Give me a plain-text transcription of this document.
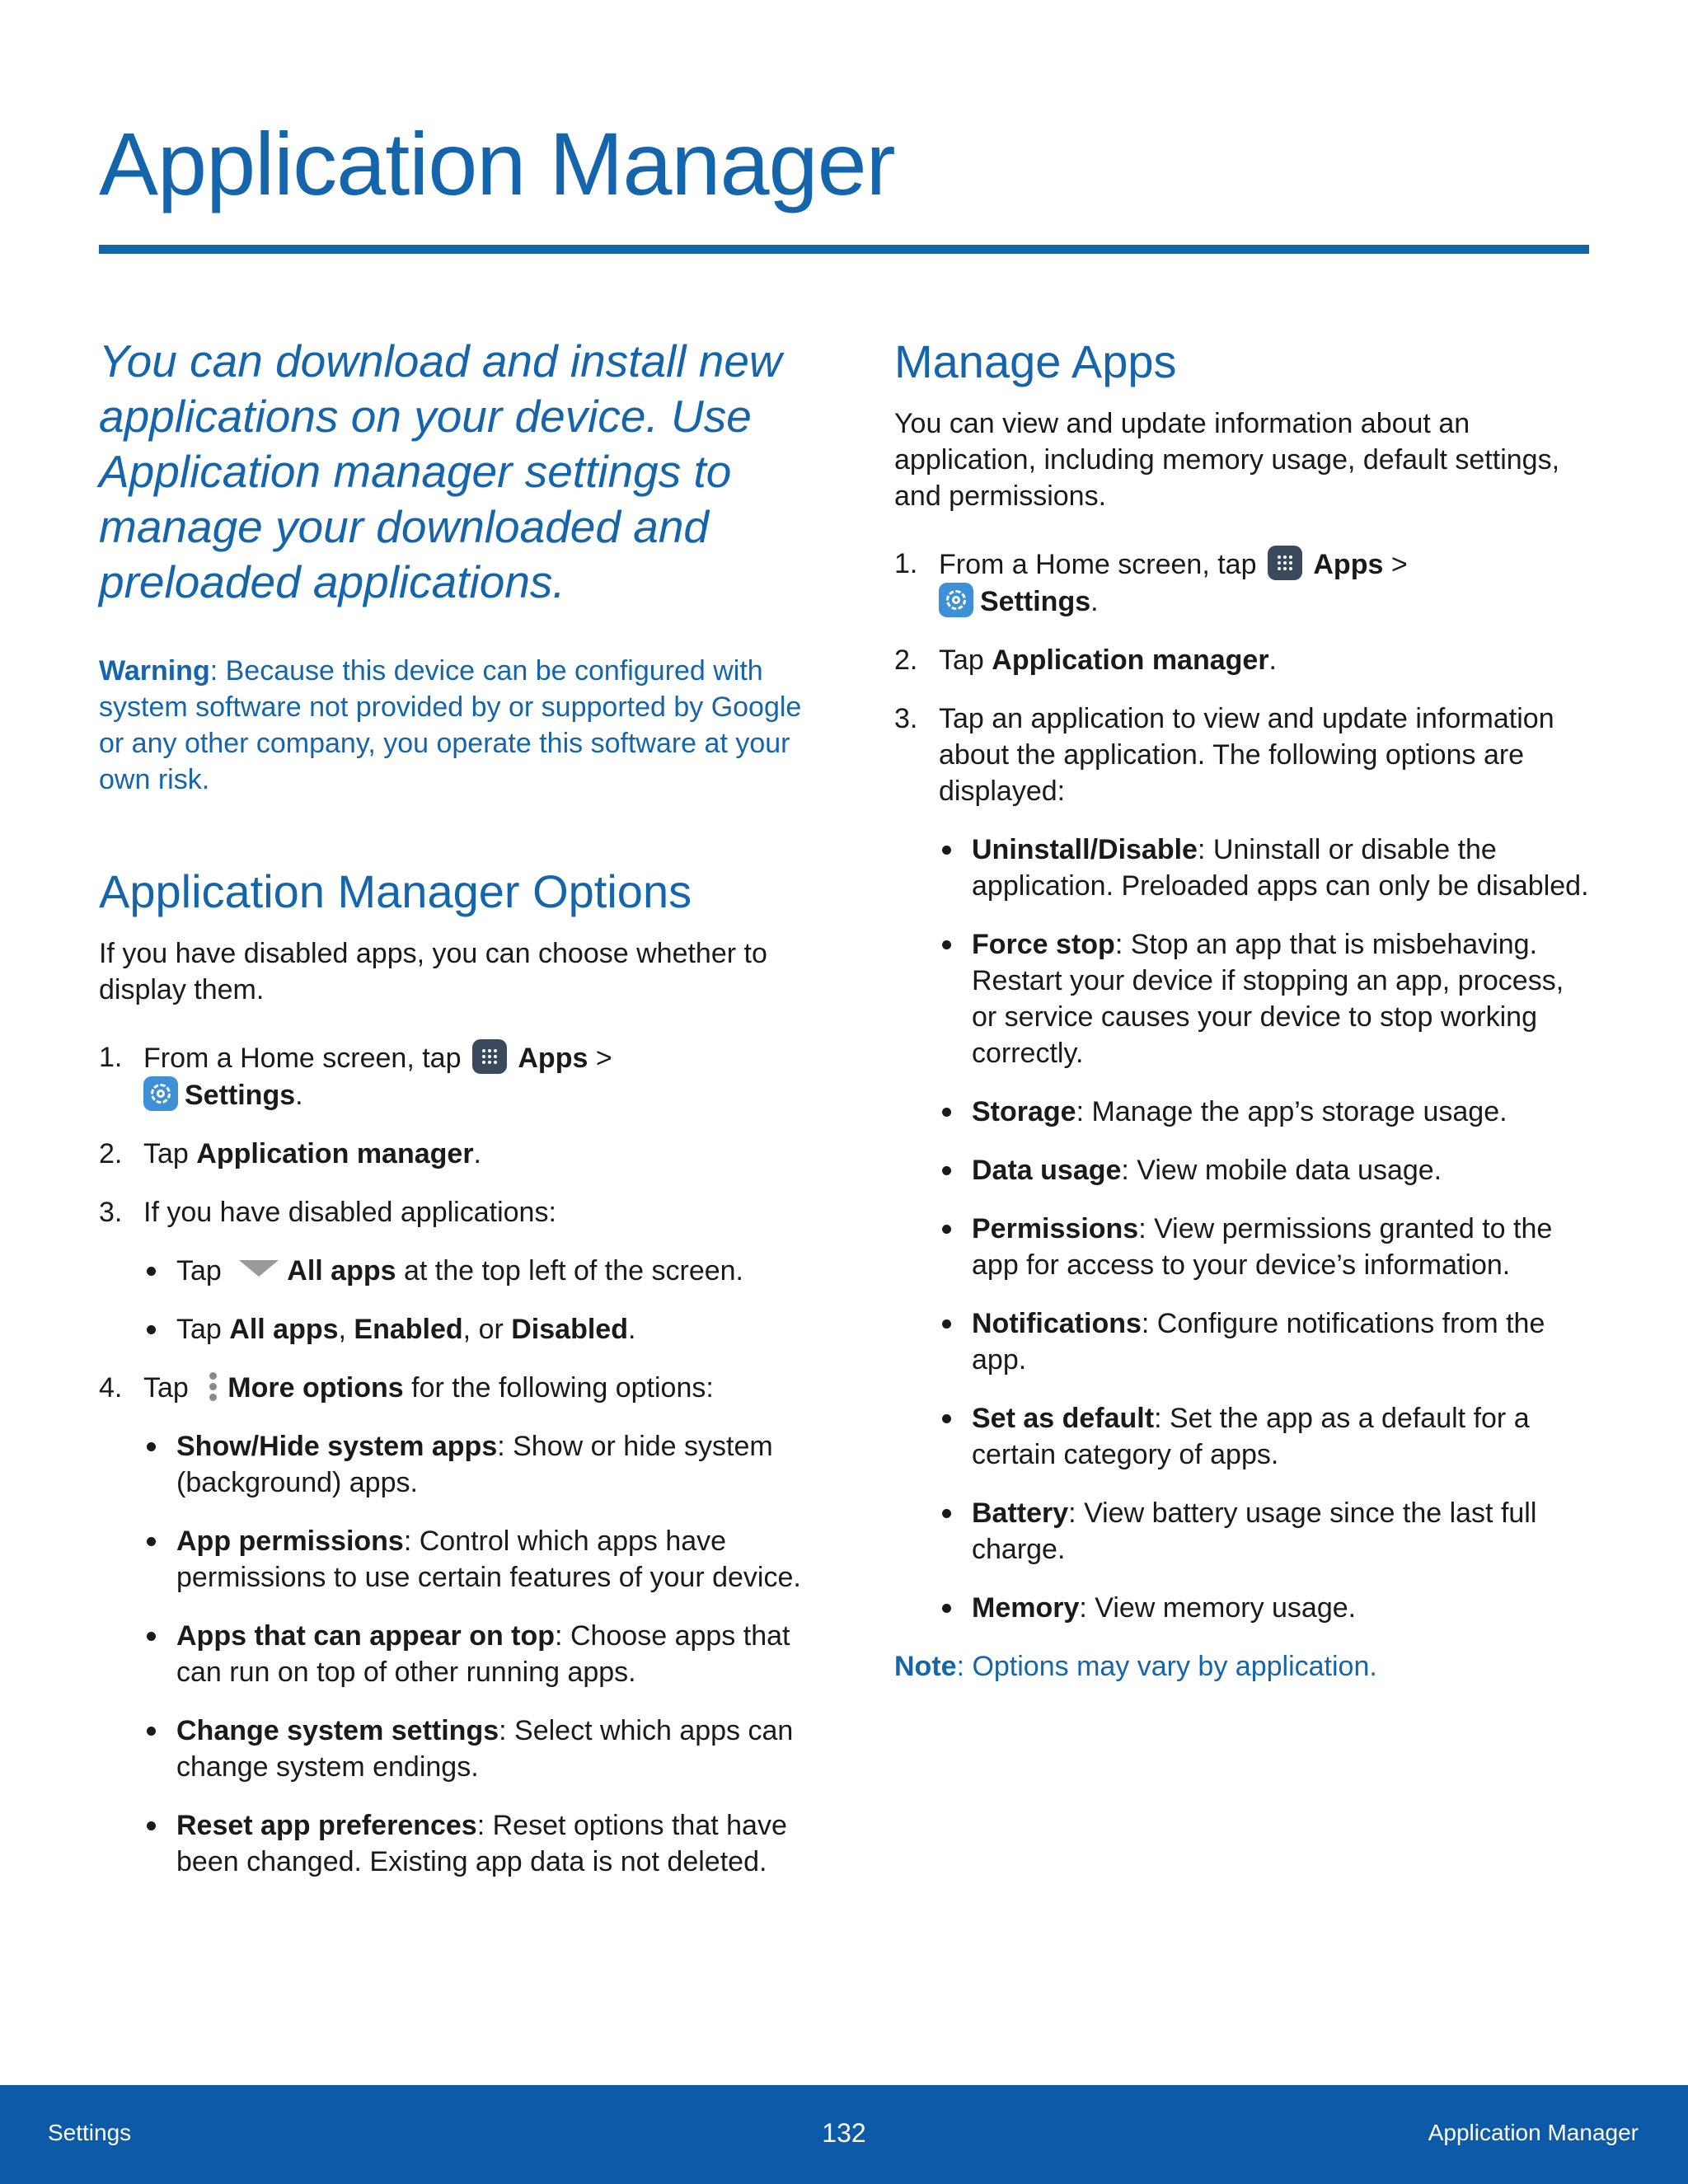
Application Manager

You can download and install new applications on your device. Use Application manager settings to manage your downloaded and preloaded applications.

Warning: Because this device can be configured with system software not provided by or supported by Google or any other company, you operate this software at your own risk.

Application Manager Options

If you have disabled apps, you can choose whether to display them.

1. From a Home screen, tap  Apps >
Settings.
2. Tap Application manager.
3. If you have disabled applications:
Tap All apps at the top left of the screen.
Tap All apps, Enabled, or Disabled.
4. Tap More options for the following options:
Show/Hide system apps: Show or hide system (background) apps.
App permissions: Control which apps have permissions to use certain features of your device.
Apps that can appear on top: Choose apps that can run on top of other running apps.
Change system settings: Select which apps can change system endings.
Reset app preferences: Reset options that have been changed. Existing app data is not deleted.
Manage Apps

You can view and update information about an application, including memory usage, default settings, and permissions.

1. From a Home screen, tap  Apps >
Settings.
2. Tap Application manager.
3. Tap an application to view and update information about the application. The following options are displayed:
Uninstall/Disable: Uninstall or disable the application. Preloaded apps can only be disabled.
Force stop: Stop an app that is misbehaving. Restart your device if stopping an app, process, or service causes your device to stop working correctly.
Storage: Manage the app’s storage usage.
Data usage: View mobile data usage.
Permissions: View permissions granted to the app for access to your device’s information.
Notifications: Configure notifications from the app.
Set as default: Set the app as a default for a certain category of apps.
Battery: View battery usage since the last full charge.
Memory: View memory usage.

Note: Options may vary by application.

Settings	132	Application Manager
